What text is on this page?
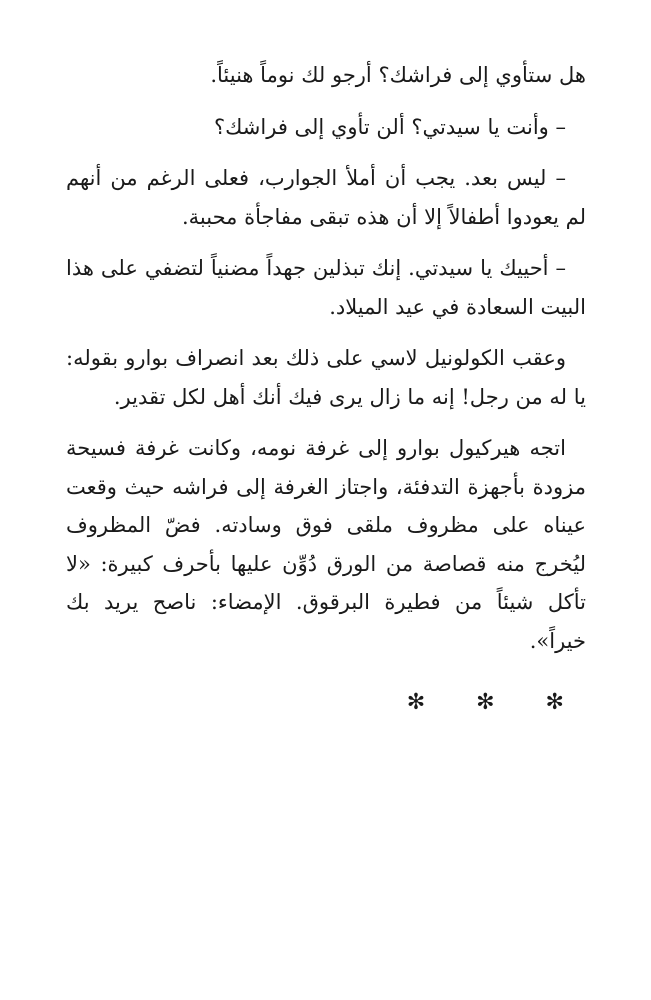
هل ستأوي إلى فراشك؟ أرجو لك نوماً هنيئاً.

– وأنت يا سيدتي؟ ألن تأوي إلى فراشك؟

– ليس بعد. يجب أن أملأ الجوارب، فعلى الرغم من أنهم لم يعودوا أطفالاً إلا أن هذه تبقى مفاجأة محببة.

– أحييك يا سيدتي. إنك تبذلين جهداً مضنياً لتضفي على هذا البيت السعادة في عيد الميلاد.

وعقب الكولونيل لاسي على ذلك بعد انصراف بوارو بقوله: يا له من رجل! إنه ما زال يرى فيك أنك أهل لكل تقدير.

اتجه هيركيول بوارو إلى غرفة نومه، وكانت غرفة فسيحة مزودة بأجهزة التدفئة، واجتاز الغرفة إلى فراشه حيث وقعت عيناه على مظروف ملقى فوق وسادته. فضّ المظروف ليُخرج منه قصاصة من الورق دُوِّن عليها بأحرف كبيرة: «لا تأكل شيئاً من فطيرة البرقوق. الإمضاء: ناصح يريد بك خيراً».

✻ ✻ ✻
